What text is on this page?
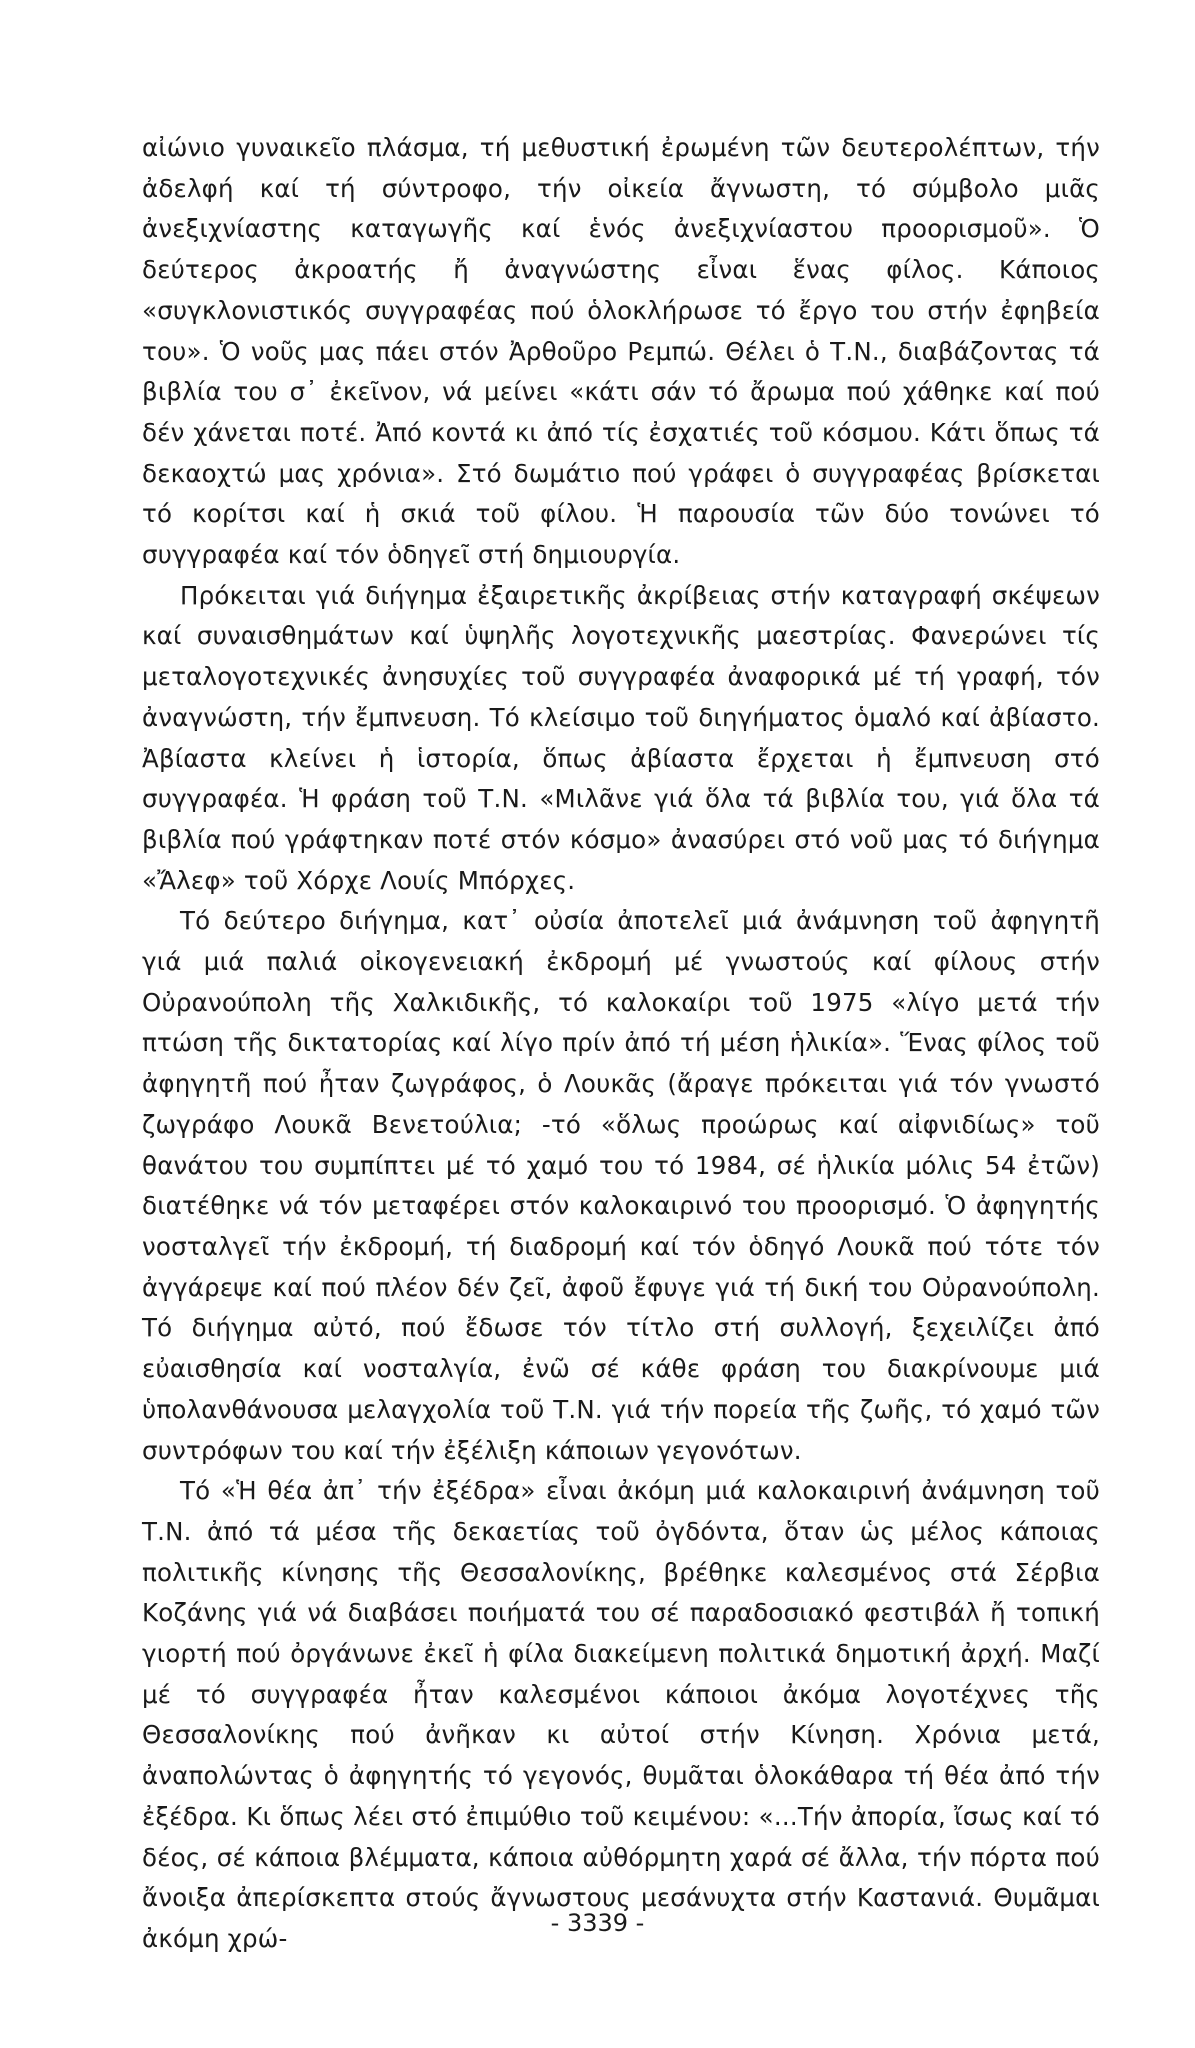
αἰώνιο γυναικεῖο πλάσμα, τή μεθυστική ἐρωμένη τῶν δευτερολέπτων, τήν ἀδελφή καί τή σύντροφο, τήν οἰκεία ἄγνωστη, τό σύμβολο μιᾶς ἀνεξιχνίαστης καταγωγῆς καί ἑνός ἀνεξιχνίαστου προορισμοῦ». Ὁ δεύτερος ἀκροατής ἤ ἀναγνώστης εἶναι ἕνας φίλος. Κάποιος «συγκλονιστικός συγγραφέας πού ὁλοκλήρωσε τό ἔργο του στήν ἐφηβεία του». Ὁ νοῦς μας πάει στόν Ἀρθοῦρο Ρεμπώ. Θέλει ὁ Τ.Ν., διαβάζοντας τά βιβλία του σ᾽ ἐκεῖνον, νά μείνει «κάτι σάν τό ἄρωμα πού χάθηκε καί πού δέν χάνεται ποτέ. Ἀπό κοντά κι ἀπό τίς ἐσχατιές τοῦ κόσμου. Κάτι ὅπως τά δεκαοχτώ μας χρόνια». Στό δωμάτιο πού γράφει ὁ συγγραφέας βρίσκεται τό κορίτσι καί ἡ σκιά τοῦ φίλου. Ἡ παρουσία τῶν δύο τονώνει τό συγγραφέα καί τόν ὁδηγεῖ στή δημιουργία.

Πρόκειται γιά διήγημα ἐξαιρετικῆς ἀκρίβειας στήν καταγραφή σκέψεων καί συναισθημάτων καί ὑψηλῆς λογοτεχνικῆς μαεστρίας. Φανερώνει τίς μεταλογοτεχνικές ἀνησυχίες τοῦ συγγραφέα ἀναφορικά μέ τή γραφή, τόν ἀναγνώστη, τήν ἔμπνευση. Τό κλείσιμο τοῦ διηγήματος ὁμαλό καί ἀβίαστο. Ἀβίαστα κλείνει ἡ ἱστορία, ὅπως ἀβίαστα ἔρχεται ἡ ἔμπνευση στό συγγραφέα. Ἡ φράση τοῦ Τ.Ν. «Μιλᾶνε γιά ὅλα τά βιβλία του, γιά ὅλα τά βιβλία πού γράφτηκαν ποτέ στόν κόσμο» ἀνασύρει στό νοῦ μας τό διήγημα «Ἄλεφ» τοῦ Χόρχε Λουίς Μπόρχες.

Τό δεύτερο διήγημα, κατ᾽ οὐσία ἀποτελεῖ μιά ἀνάμνηση τοῦ ἀφηγητῆ γιά μιά παλιά οἰκογενειακή ἐκδρομή μέ γνωστούς καί φίλους στήν Οὐρανούπολη τῆς Χαλκιδικῆς, τό καλοκαίρι τοῦ 1975 «λίγο μετά τήν πτώση τῆς δικτατορίας καί λίγο πρίν ἀπό τή μέση ἡλικία». Ἕνας φίλος τοῦ ἀφηγητῆ πού ἦταν ζωγράφος, ὁ Λουκᾶς (ἄραγε πρόκειται γιά τόν γνωστό ζωγράφο Λουκᾶ Βενετούλια; -τό «ὅλως προώρως καί αἰφνιδίως» τοῦ θανάτου του συμπίπτει μέ τό χαμό του τό 1984, σέ ἡλικία μόλις 54 ἐτῶν) διατέθηκε νά τόν μεταφέρει στόν καλοκαιρινό του προορισμό. Ὁ ἀφηγητής νοσταλγεῖ τήν ἐκδρομή, τή διαδρομή καί τόν ὁδηγό Λουκᾶ πού τότε τόν ἀγγάρεψε καί πού πλέον δέν ζεῖ, ἀφοῦ ἔφυγε γιά τή δική του Οὐρανούπολη. Τό διήγημα αὐτό, πού ἔδωσε τόν τίτλο στή συλλογή, ξεχειλίζει ἀπό εὐαισθησία καί νοσταλγία, ἐνῶ σέ κάθε φράση του διακρίνουμε μιά ὑπολανθάνουσα μελαγχολία τοῦ Τ.Ν. γιά τήν πορεία τῆς ζωῆς, τό χαμό τῶν συντρόφων του καί τήν ἐξέλιξη κάποιων γεγονότων.

Τό «Ἡ θέα ἀπ᾽ τήν ἐξέδρα» εἶναι ἀκόμη μιά καλοκαιρινή ἀνάμνηση τοῦ Τ.Ν. ἀπό τά μέσα τῆς δεκαετίας τοῦ ὀγδόντα, ὅταν ὡς μέλος κάποιας πολιτικῆς κίνησης τῆς Θεσσαλονίκης, βρέθηκε καλεσμένος στά Σέρβια Κοζάνης γιά νά διαβάσει ποιήματά του σέ παραδοσιακό φεστιβάλ ἤ τοπική γιορτή πού ὀργάνωνε ἐκεῖ ἡ φίλα διακείμενη πολιτικά δημοτική ἀρχή. Μαζί μέ τό συγγραφέα ἦταν καλεσμένοι κάποιοι ἀκόμα λογοτέχνες τῆς Θεσσαλονίκης πού ἀνῆκαν κι αὐτοί στήν Κίνηση. Χρόνια μετά, ἀναπολώντας ὁ ἀφηγητής τό γεγονός, θυμᾶται ὁλοκάθαρα τή θέα ἀπό τήν ἐξέδρα. Κι ὅπως λέει στό ἐπιμύθιο τοῦ κειμένου: «...Τήν ἀπορία, ἴσως καί τό δέος, σέ κάποια βλέμματα, κάποια αὐθόρμητη χαρά σέ ἄλλα, τήν πόρτα πού ἄνοιξα ἀπερίσκεπτα στούς ἄγνωστους μεσάνυχτα στήν Καστανιά. Θυμᾶμαι ἀκόμη χρώ-

- 3339 -
